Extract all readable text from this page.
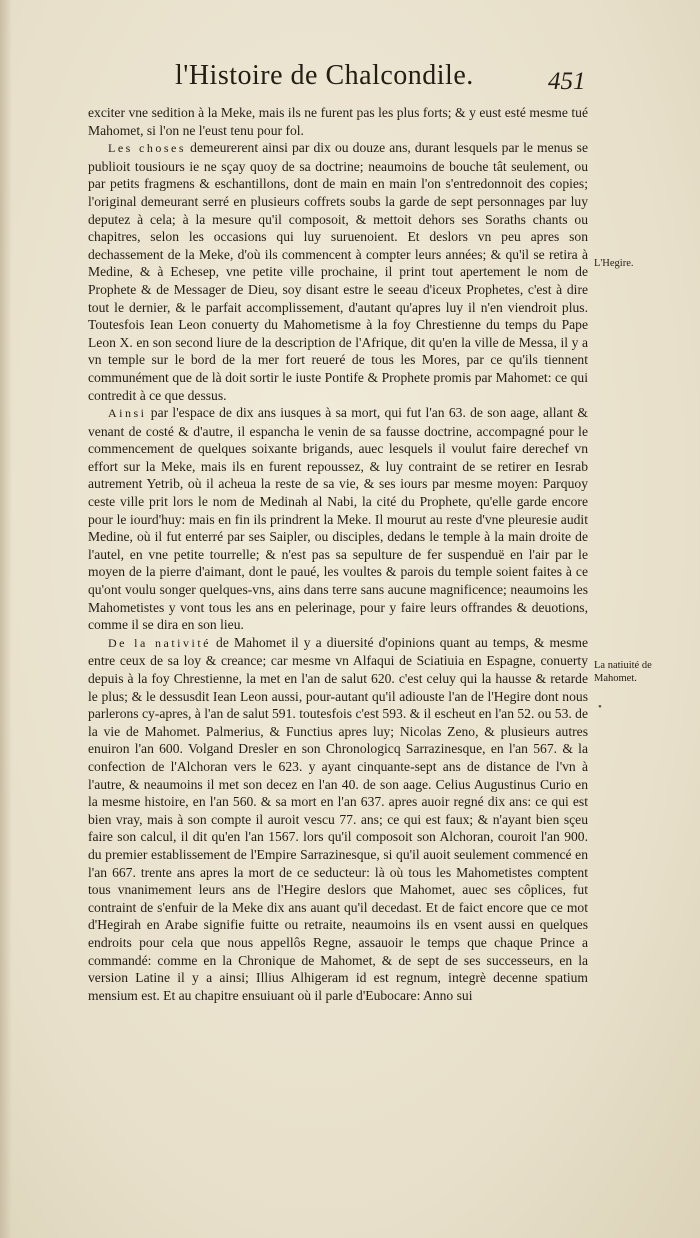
l'Histoire de Chalcondile.	451

exciter vne sedition à la Meke, mais ils ne furent pas les plus forts; & y eust esté mesme tué Mahomet, si l'on ne l'eust tenu pour fol.

Les choses demeurerent ainsi par dix ou douze ans, durant lesquels par le menus se publioit tousiours ie ne sçay quoy de sa doctrine; neaumoins de bouche tât seulement, ou par petits fragmens & eschantillons, dont de main en main l'on s'entredonnoit des copies; l'original demeurant serré en plusieurs coffrets soubs la garde de sept personnages par luy deputez à cela; à la mesure qu'il composoit, & mettoit dehors ses Soraths chants ou chapitres, selon les occasions qui luy suruenoient. Et deslors vn peu apres son dechassement de la Meke, d'où ils commencent à compter leurs années; & qu'il se retira à Medine, & à Echesep, vne petite ville prochaine, il print tout apertement le nom de Prophete & de Messager de Dieu, soy disant estre le seeau d'iceux Prophetes, c'est à dire tout le dernier, & le parfait accomplissement, d'autant qu'apres luy il n'en viendroit plus. Toutesfois Iean Leon conuerty du Mahometisme à la foy Chrestienne du temps du Pape Leon X. en son second liure de la description de l'Afrique, dit qu'en la ville de Messa, il y a vn temple sur le bord de la mer fort reueré de tous les Mores, par ce qu'ils tiennent communément que de là doit sortir le iuste Pontife & Prophete promis par Mahomet: ce qui contredit à ce que dessus.

Ainsi par l'espace de dix ans iusques à sa mort, qui fut l'an 63. de son aage, allant & venant de costé & d'autre, il espancha le venin de sa fausse doctrine, accompagné pour le commencement de quelques soixante brigands, auec lesquels il voulut faire derechef vn effort sur la Meke, mais ils en furent repoussez, & luy contraint de se retirer en Iesrab autrement Yetrib, où il acheua la reste de sa vie, & ses iours par mesme moyen: Parquoy ceste ville prit lors le nom de Medinah al Nabi, la cité du Prophete, qu'elle garde encore pour le iourd'huy: mais en fin ils prindrent la Meke. Il mourut au reste d'vne pleuresie audit Medine, où il fut enterré par ses Saipler, ou disciples, dedans le temple à la main droite de l'autel, en vne petite tourrelle; & n'est pas sa sepulture de fer suspenduë en l'air par le moyen de la pierre d'aimant, dont le paué, les voultes & parois du temple soient faites à ce qu'ont voulu songer quelques-vns, ains dans terre sans aucune magnificence; neaumoins les Mahometistes y vont tous les ans en pelerinage, pour y faire leurs offrandes & deuotions, comme il se dira en son lieu.

De la nativité de Mahomet il y a diuersité d'opinions quant au temps, & mesme entre ceux de sa loy & creance; car mesme vn Alfaqui de Sciatiuia en Espagne, conuerty depuis à la foy Chrestienne, la met en l'an de salut 620. c'est celuy qui la hausse & retarde le plus; & le dessusdit Iean Leon aussi, pour-autant qu'il adiouste l'an de l'Hegire dont nous parlerons cy-apres, à l'an de salut 591. toutesfois c'est 593. & il escheut en l'an 52. ou 53. de la vie de Mahomet. Palmerius, & Functius apres luy; Nicolas Zeno, & plusieurs autres enuiron l'an 600. Volgand Dresler en son Chronologicq Sarrazinesque, en l'an 567. & la confection de l'Alchoran vers le 623. y ayant cinquante-sept ans de distance de l'vn à l'autre, & neaumoins il met son decez en l'an 40. de son aage. Celius Augustinus Curio en la mesme histoire, en l'an 560. & sa mort en l'an 637. apres auoir regné dix ans: ce qui est bien vray, mais à son compte il auroit vescu 77. ans; ce qui est faux; & n'ayant bien sçeu faire son calcul, il dit qu'en l'an 1567. lors qu'il composoit son Alchoran, couroit l'an 900. du premier establissement de l'Empire Sarrazinesque, si qu'il auoit seulement commencé en l'an 667. trente ans apres la mort de ce seducteur: là où tous les Mahometistes comptent tous vnanimement leurs ans de l'Hegire deslors que Mahomet, auec ses côplices, fut contraint de s'enfuir de la Meke dix ans auant qu'il decedast. Et de faict encore que ce mot d'Hegirah en Arabe signifie fuitte ou retraite, neaumoins ils en vsent aussi en quelques endroits pour cela que nous appellôs Regne, assauoir le temps que chaque Prince a commandé: comme en la Chronique de Mahomet, & de sept de ses successeurs, en la version Latine il y a ainsi; Illius Alhigeram id est regnum, integrè decenne spatium mensium est. Et au chapitre ensuiuant où il parle d'Eubocare: Anno sui

L'Hegire.
La natiuité de Mahomet.
•
